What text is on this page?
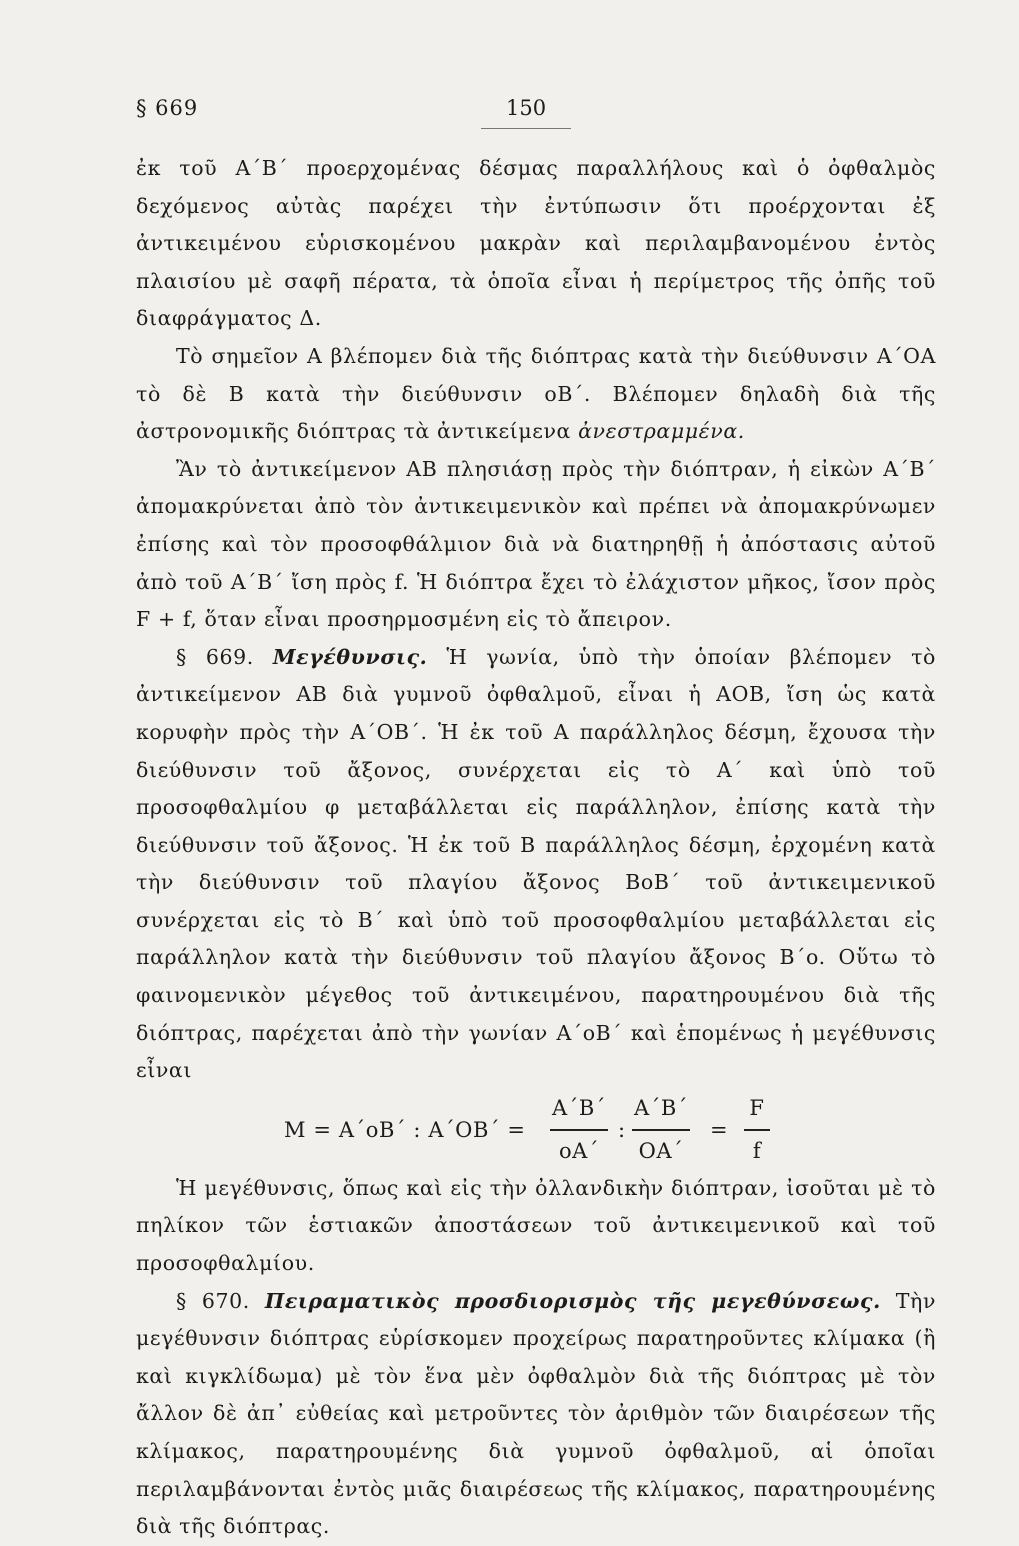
§ 669	150

ἐκ τοῦ A΄B΄ προερχομένας δέσμας παραλλήλους καὶ ὁ ὀφθαλμὸς δεχόμενος αὐτὰς παρέχει τὴν ἐντύπωσιν ὅτι προέρχονται ἐξ ἀντικειμένου εὑρισκομένου μακρὰν καὶ περιλαμβανομένου ἐντὸς πλαισίου μὲ σαφῆ πέρατα, τὰ ὁποῖα εἶναι ἡ περίμετρος τῆς ὀπῆς τοῦ διαφράγματος Δ.

Τὸ σημεῖον A βλέπομεν διὰ τῆς διόπτρας κατὰ τὴν διεύθυνσιν A΄OA τὸ δὲ B κατὰ τὴν διεύθυνσιν oB΄. Βλέπομεν δηλαδὴ διὰ τῆς ἀστρονομικῆς διόπτρας τὰ ἀντικείμενα ἀνεστραμμένα.

Ἂν τὸ ἀντικείμενον AB πλησιάσῃ πρὸς τὴν διόπτραν, ἡ εἰκὼν A΄B΄ ἀπομακρύνεται ἀπὸ τὸν ἀντικειμενικὸν καὶ πρέπει νὰ ἀπομακρύνωμεν ἐπίσης καὶ τὸν προσοφθάλμιον διὰ νὰ διατηρηθῇ ἡ ἀπόστασις αὐτοῦ ἀπὸ τοῦ A΄B΄ ἴση πρὸς f. Ἡ διόπτρα ἔχει τὸ ἐλάχιστον μῆκος, ἴσον πρὸς F + f, ὅταν εἶναι προσηρμοσμένη εἰς τὸ ἄπειρον.

§ 669. Μεγέθυνσις. Ἡ γωνία, ὑπὸ τὴν ὁποίαν βλέπομεν τὸ ἀντικείμενον AB διὰ γυμνοῦ ὀφθαλμοῦ, εἶναι ἡ AOB, ἴση ὡς κατὰ κορυφὴν πρὸς τὴν A΄OB΄. Ἡ ἐκ τοῦ A παράλληλος δέσμη, ἔχουσα τὴν διεύθυνσιν τοῦ ἄξονος, συνέρχεται εἰς τὸ A΄ καὶ ὑπὸ τοῦ προσοφθαλμίου φ μεταβάλλεται εἰς παράλληλον, ἐπίσης κατὰ τὴν διεύθυνσιν τοῦ ἄξονος. Ἡ ἐκ τοῦ B παράλληλος δέσμη, ἐρχομένη κατὰ τὴν διεύθυνσιν τοῦ πλαγίου ἄξονος BoB΄ τοῦ ἀντικειμενικοῦ συνέρχεται εἰς τὸ B΄ καὶ ὑπὸ τοῦ προσοφθαλμίου μεταβάλλεται εἰς παράλληλον κατὰ τὴν διεύθυνσιν τοῦ πλαγίου ἄξονος B΄o. Οὕτω τὸ φαινομενικὸν μέγεθος τοῦ ἀντικειμένου, παρατηρουμένου διὰ τῆς διόπτρας, παρέχεται ἀπὸ τὴν γωνίαν A΄oB΄ καὶ ἑπομένως ἡ μεγέθυνσις εἶναι

M = A΄oB΄ : A΄OB΄ =
A΄B΄
oA΄
:
A΄B΄
OA΄
=
F
f

Ἡ μεγέθυνσις, ὅπως καὶ εἰς τὴν ὀλλανδικὴν διόπτραν, ἰσοῦται μὲ τὸ πηλίκον τῶν ἑστιακῶν ἀποστάσεων τοῦ ἀντικειμενικοῦ καὶ τοῦ προσοφθαλμίου.

§ 670. Πειραματικὸς προσδιορισμὸς τῆς μεγεθύνσεως. Τὴν μεγέθυνσιν διόπτρας εὑρίσκομεν προχείρως παρατηροῦντες κλίμακα (ἢ καὶ κιγκλίδωμα) μὲ τὸν ἕνα μὲν ὀφθαλμὸν διὰ τῆς διόπτρας μὲ τὸν ἄλλον δὲ ἀπ᾽ εὐθείας καὶ μετροῦντες τὸν ἀριθμὸν τῶν διαιρέσεων τῆς κλίμακος, παρατηρουμένης διὰ γυμνοῦ ὀφθαλμοῦ, αἱ ὁποῖαι περιλαμβάνονται ἐντὸς μιᾶς διαιρέσεως τῆς κλίμακος, παρατηρουμένης διὰ τῆς διόπτρας.
